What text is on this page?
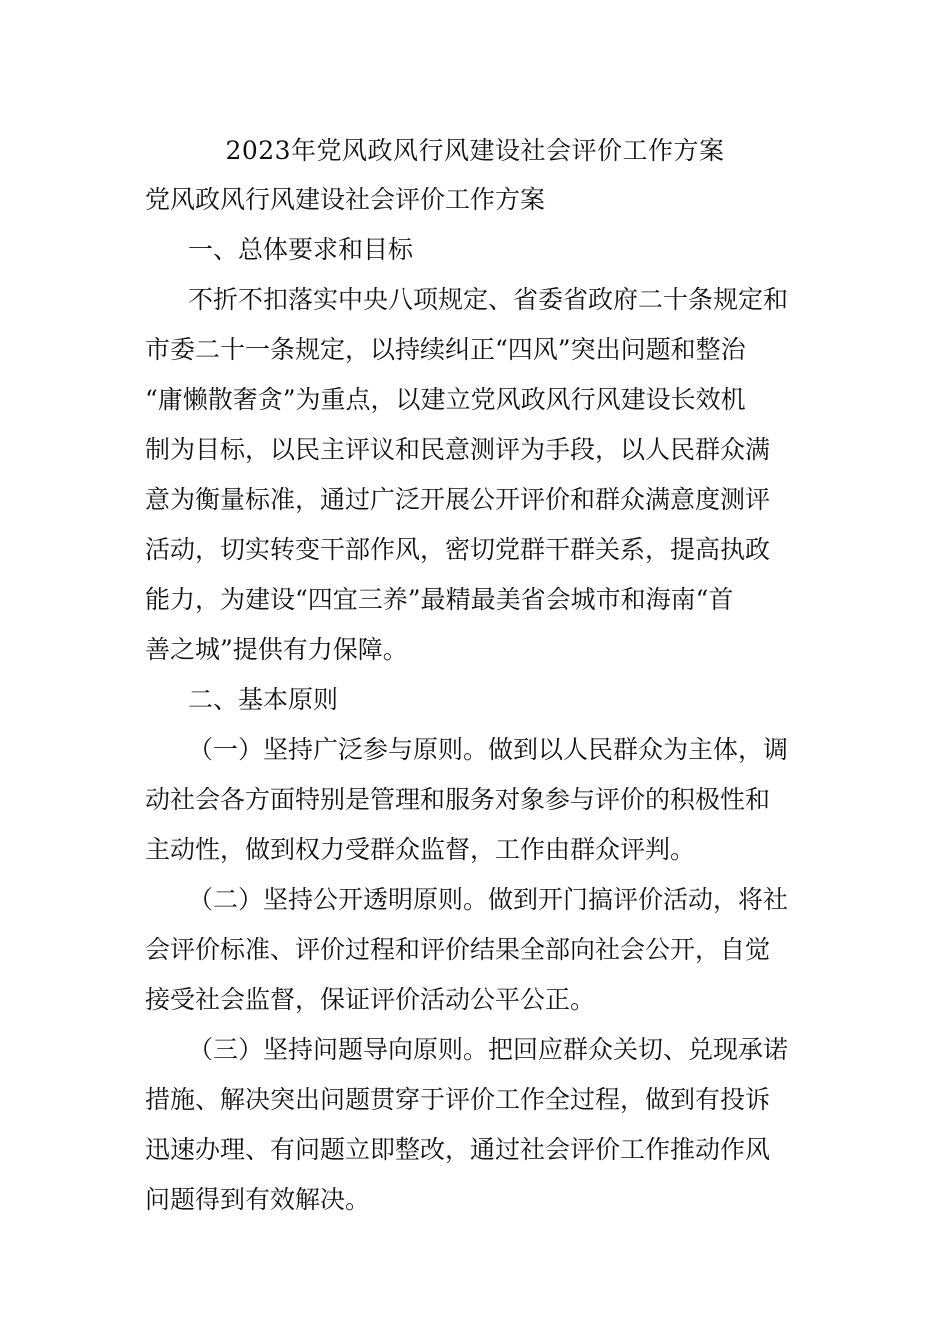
2023年党风政风行风建设社会评价工作方案
党风政风行风建设社会评价工作方案
一、总体要求和目标
不折不扣落实中央八项规定、省委省政府二十条规定和
市委二十一条规定，以持续纠正“四风”突出问题和整治
“庸懒散奢贪”为重点，以建立党风政风行风建设长效机
制为目标，以民主评议和民意测评为手段，以人民群众满
意为衡量标准，通过广泛开展公开评价和群众满意度测评
活动，切实转变干部作风，密切党群干群关系，提高执政
能力，为建设“四宜三养”最精最美省会城市和海南“首
善之城”提供有力保障。
二、基本原则
（一）坚持广泛参与原则。做到以人民群众为主体，调
动社会各方面特别是管理和服务对象参与评价的积极性和
主动性，做到权力受群众监督，工作由群众评判。
（二）坚持公开透明原则。做到开门搞评价活动，将社
会评价标准、评价过程和评价结果全部向社会公开，自觉
接受社会监督，保证评价活动公平公正。
（三）坚持问题导向原则。把回应群众关切、兑现承诺
措施、解决突出问题贯穿于评价工作全过程，做到有投诉
迅速办理、有问题立即整改，通过社会评价工作推动作风
问题得到有效解决。
